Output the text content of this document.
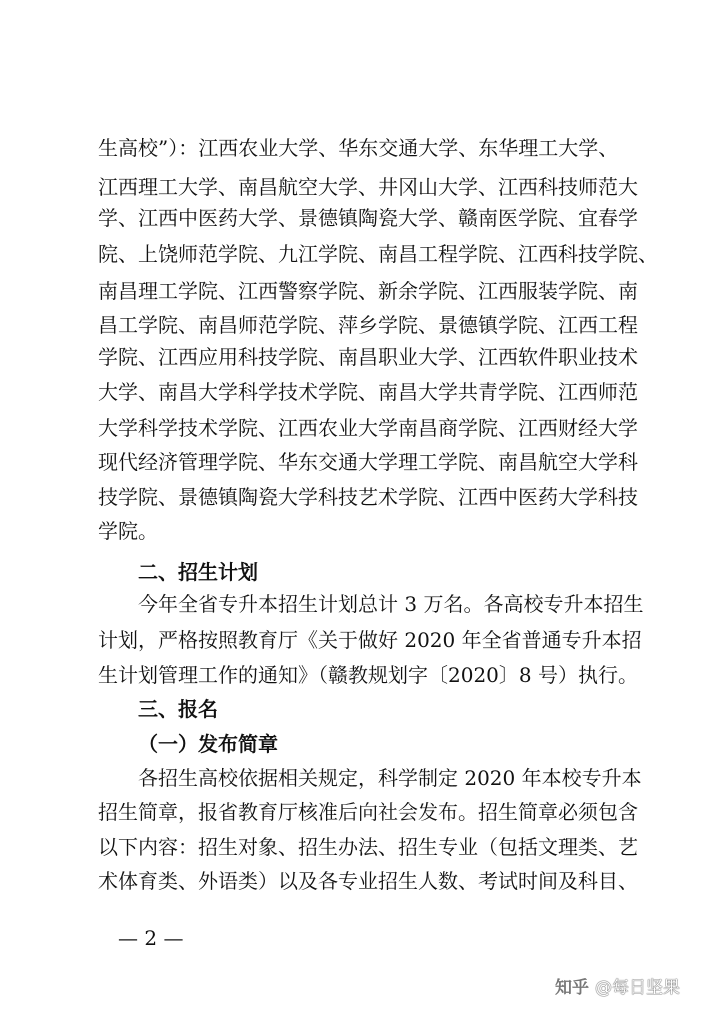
生高校”）：江西农业大学、华东交通大学、东华理工大学、
江西理工大学、南昌航空大学、井冈山大学、江西科技师范大
学、江西中医药大学、景德镇陶瓷大学、赣南医学院、宜春学
院、上饶师范学院、九江学院、南昌工程学院、江西科技学院、
南昌理工学院、江西警察学院、新余学院、江西服装学院、南
昌工学院、南昌师范学院、萍乡学院、景德镇学院、江西工程
学院、江西应用科技学院、南昌职业大学、江西软件职业技术
大学、南昌大学科学技术学院、南昌大学共青学院、江西师范
大学科学技术学院、江西农业大学南昌商学院、江西财经大学
现代经济管理学院、华东交通大学理工学院、南昌航空大学科
技学院、景德镇陶瓷大学科技艺术学院、江西中医药大学科技
学院。
二、招生计划
今年全省专升本招生计划总计 3 万名。各高校专升本招生
计划，严格按照教育厅《关于做好 2020 年全省普通专升本招
生计划管理工作的通知》（赣教规划字〔2020〕8 号）执行。
三、报名
（一）发布简章
各招生高校依据相关规定，科学制定 2020 年本校专升本
招生简章，报省教育厅核准后向社会发布。招生简章必须包含
以下内容：招生对象、招生办法、招生专业（包括文理类、艺
术体育类、外语类）以及各专业招生人数、考试时间及科目、
— 2 —
知乎 @每日坚果
